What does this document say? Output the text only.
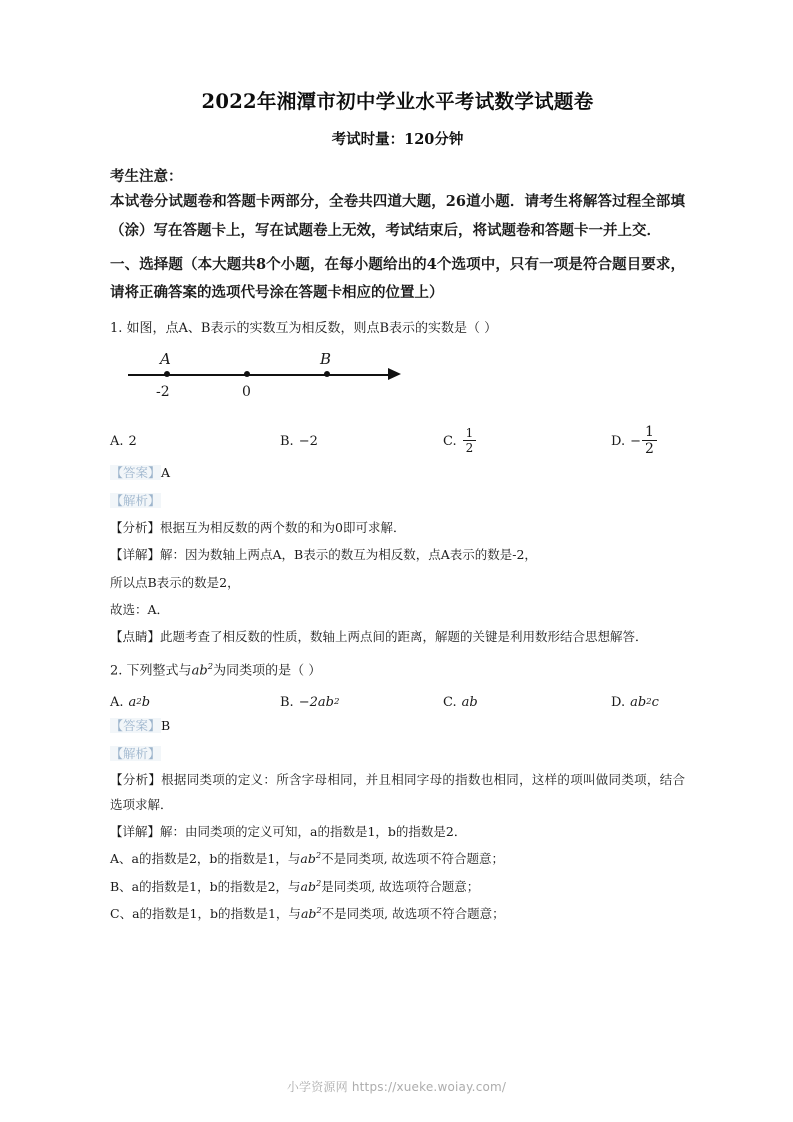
2022年湘潭市初中学业水平考试数学试题卷
考试时量：120分钟

考生注意：

本试卷分试题卷和答题卡两部分，全卷共四道大题，26道小题．请考生将解答过程全部填（涂）写在答题卡上，写在试题卷上无效，考试结束后，将试题卷和答题卡一并上交．

一、选择题（本大题共8个小题，在每小题给出的4个选项中，只有一项是符合题目要求，请将正确答案的选项代号涂在答题卡相应的位置上）

1. 如图，点A、B表示的实数互为相反数，则点B表示的实数是（ ）

A
-2	0
B
A. 2	B. −2	C. $\frac{1}{2}$	D. − $\frac{1}{2}$

【答案】A

【解析】

【分析】根据互为相反数的两个数的和为0即可求解．

【详解】解：因为数轴上两点A，B表示的数互为相反数，点A表示的数是-2，

所以点B表示的数是2，

故选：A．

【点睛】此题考查了相反数的性质，数轴上两点间的距离，解题的关键是利用数形结合思想解答．

2. 下列整式与$ab^2$为同类项的是（ ）

A. a 2 b	B. −2ab 2	C. ab	D. ab 2 c

【答案】B

【解析】

【分析】根据同类项的定义：所含字母相同，并且相同字母的指数也相同，这样的项叫做同类项，结合选项求解．

【详解】解：由同类项的定义可知，a的指数是1，b的指数是2．

A、a的指数是2，b的指数是1，与$ab^2$不是同类项, 故选项不符合题意；

B、a的指数是1，b的指数是2，与$ab^2$是同类项, 故选项符合题意；

C、a的指数是1，b的指数是1，与$ab^2$不是同类项, 故选项不符合题意；

小学资源网 https://xueke.woiay.com/
